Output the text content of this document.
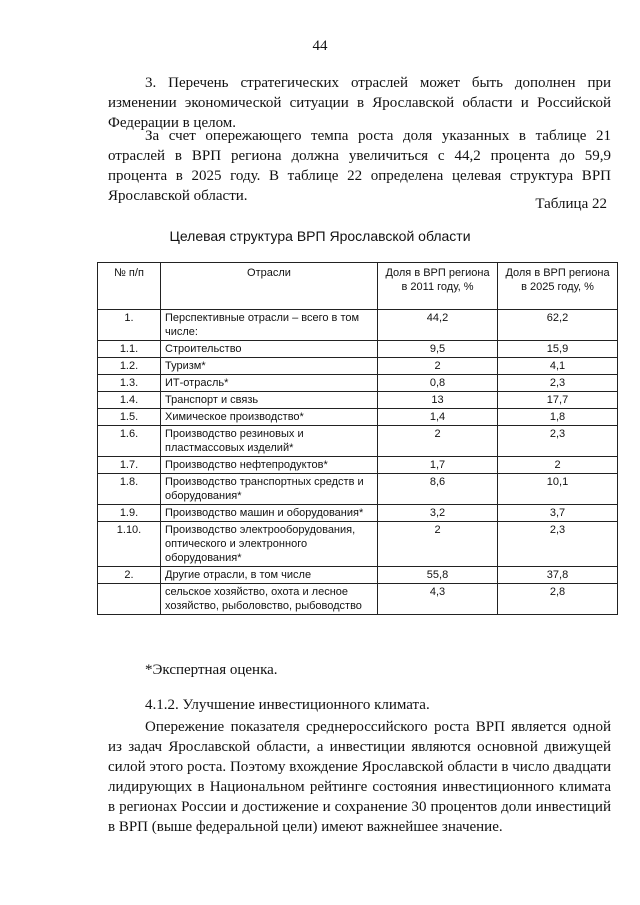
44

3. Перечень стратегических отраслей может быть дополнен при изменении экономической ситуации в Ярославской области и Российской Федерации в целом.

За счет опережающего темпа роста доля указанных в таблице 21 отраслей в ВРП региона должна увеличиться с 44,2 процента до 59,9 процента в 2025 году. В таблице 22 определена целевая структура ВРП Ярославской области.	Таблица 22
Целевая структура ВРП Ярославской области
№ п/п	Отрасли	Доля в ВРП региона в 2011 году, %	Доля в ВРП региона в 2025 году, %
1.	Перспективные отрасли – всего в том числе:	44,2	62,2
1.1.	Строительство	9,5	15,9
1.2.	Туризм*	2	4,1
1.3.	ИТ-отрасль*	0,8	2,3
1.4.	Транспорт и связь	13	17,7
1.5.	Химическое производство*	1,4	1,8
1.6.	Производство резиновых и пластмассовых изделий*	2	2,3
1.7.	Производство нефтепродуктов*	1,7	2
1.8.	Производство транспортных средств и оборудования*	8,6	10,1
1.9.	Производство машин и оборудования*	3,2	3,7
1.10.	Производство электрооборудования, оптического и электронного оборудования*	2	2,3
2.	Другие отрасли, в том числе	55,8	37,8
	сельское хозяйство, охота и лесное хозяйство, рыболовство, рыбоводство	4,3	2,8
*Экспертная оценка.
4.1.2. Улучшение инвестиционного климата.

Опережение показателя среднероссийского роста ВРП является одной из задач Ярославской области, а инвестиции являются основной движущей силой этого роста. Поэтому вхождение Ярославской области в число двадцати лидирующих в Национальном рейтинге состояния инвестиционного климата в регионах России и достижение и сохранение 30 процентов доли инвестиций в ВРП (выше федеральной цели) имеют важнейшее значение.
